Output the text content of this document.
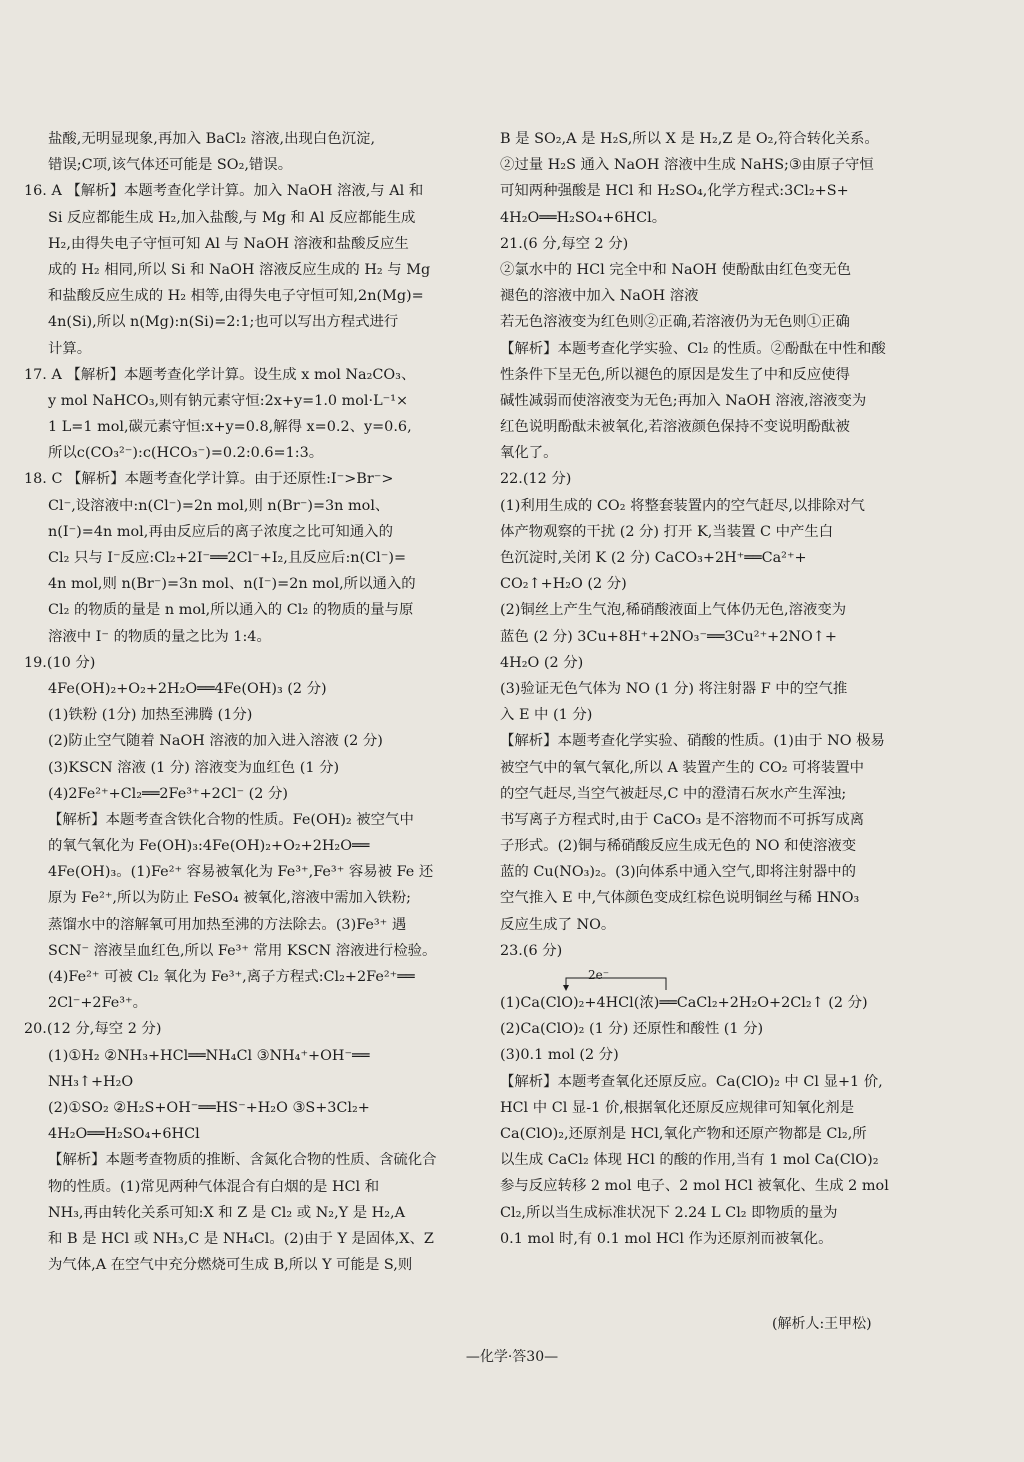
盐酸,无明显现象,再加入 BaCl₂ 溶液,出现白色沉淀,
错误;C项,该气体还可能是 SO₂,错误。
16. A 【解析】本题考查化学计算。加入 NaOH 溶液,与 Al 和
Si 反应都能生成 H₂,加入盐酸,与 Mg 和 Al 反应都能生成
H₂,由得失电子守恒可知 Al 与 NaOH 溶液和盐酸反应生
成的 H₂ 相同,所以 Si 和 NaOH 溶液反应生成的 H₂ 与 Mg
和盐酸反应生成的 H₂ 相等,由得失电子守恒可知,2n(Mg)=
4n(Si),所以 n(Mg):n(Si)=2:1;也可以写出方程式进行
计算。
17. A 【解析】本题考查化学计算。设生成 x mol Na₂CO₃、
y mol NaHCO₃,则有钠元素守恒:2x+y=1.0 mol·L⁻¹×
1 L=1 mol,碳元素守恒:x+y=0.8,解得 x=0.2、y=0.6,
所以c(CO₃²⁻):c(HCO₃⁻)=0.2:0.6=1:3。
18. C 【解析】本题考查化学计算。由于还原性:I⁻>Br⁻>
Cl⁻,设溶液中:n(Cl⁻)=2n mol,则 n(Br⁻)=3n mol、
n(I⁻)=4n mol,再由反应后的离子浓度之比可知通入的
Cl₂ 只与 I⁻反应:Cl₂+2I⁻══2Cl⁻+I₂,且反应后:n(Cl⁻)=
4n mol,则 n(Br⁻)=3n mol、n(I⁻)=2n mol,所以通入的
Cl₂ 的物质的量是 n mol,所以通入的 Cl₂ 的物质的量与原
溶液中 I⁻ 的物质的量之比为 1:4。
19.(10 分)
4Fe(OH)₂+O₂+2H₂O══4Fe(OH)₃ (2 分)
(1)铁粉 (1分) 加热至沸腾 (1分)
(2)防止空气随着 NaOH 溶液的加入进入溶液 (2 分)
(3)KSCN 溶液 (1 分) 溶液变为血红色 (1 分)
(4)2Fe²⁺+Cl₂══2Fe³⁺+2Cl⁻ (2 分)
【解析】本题考查含铁化合物的性质。Fe(OH)₂ 被空气中
的氧气氧化为 Fe(OH)₃:4Fe(OH)₂+O₂+2H₂O══
4Fe(OH)₃。(1)Fe²⁺ 容易被氧化为 Fe³⁺,Fe³⁺ 容易被 Fe 还
原为 Fe²⁺,所以为防止 FeSO₄ 被氧化,溶液中需加入铁粉;
蒸馏水中的溶解氧可用加热至沸的方法除去。(3)Fe³⁺ 遇
SCN⁻ 溶液呈血红色,所以 Fe³⁺ 常用 KSCN 溶液进行检验。
(4)Fe²⁺ 可被 Cl₂ 氧化为 Fe³⁺,离子方程式:Cl₂+2Fe²⁺══
2Cl⁻+2Fe³⁺。
20.(12 分,每空 2 分)
(1)①H₂ ②NH₃+HCl══NH₄Cl ③NH₄⁺+OH⁻══
NH₃↑+H₂O
(2)①SO₂ ②H₂S+OH⁻══HS⁻+H₂O ③S+3Cl₂+
4H₂O══H₂SO₄+6HCl
【解析】本题考查物质的推断、含氮化合物的性质、含硫化合
物的性质。(1)常见两种气体混合有白烟的是 HCl 和
NH₃,再由转化关系可知:X 和 Z 是 Cl₂ 或 N₂,Y 是 H₂,A
和 B 是 HCl 或 NH₃,C 是 NH₄Cl。(2)由于 Y 是固体,X、Z
为气体,A 在空气中充分燃烧可生成 B,所以 Y 可能是 S,则
B 是 SO₂,A 是 H₂S,所以 X 是 H₂,Z 是 O₂,符合转化关系。
②过量 H₂S 通入 NaOH 溶液中生成 NaHS;③由原子守恒
可知两种强酸是 HCl 和 H₂SO₄,化学方程式:3Cl₂+S+
4H₂O══H₂SO₄+6HCl。
21.(6 分,每空 2 分)
②氯水中的 HCl 完全中和 NaOH 使酚酞由红色变无色
褪色的溶液中加入 NaOH 溶液
若无色溶液变为红色则②正确,若溶液仍为无色则①正确
【解析】本题考查化学实验、Cl₂ 的性质。②酚酞在中性和酸
性条件下呈无色,所以褪色的原因是发生了中和反应使得
碱性减弱而使溶液变为无色;再加入 NaOH 溶液,溶液变为
红色说明酚酞未被氧化,若溶液颜色保持不变说明酚酞被
氧化了。
22.(12 分)
(1)利用生成的 CO₂ 将整套装置内的空气赶尽,以排除对气
体产物观察的干扰 (2 分) 打开 K,当装置 C 中产生白
色沉淀时,关闭 K (2 分) CaCO₃+2H⁺══Ca²⁺+
CO₂↑+H₂O (2 分)
(2)铜丝上产生气泡,稀硝酸液面上气体仍无色,溶液变为
蓝色 (2 分) 3Cu+8H⁺+2NO₃⁻══3Cu²⁺+2NO↑+
4H₂O (2 分)
(3)验证无色气体为 NO (1 分) 将注射器 F 中的空气推
入 E 中 (1 分)
【解析】本题考查化学实验、硝酸的性质。(1)由于 NO 极易
被空气中的氧气氧化,所以 A 装置产生的 CO₂ 可将装置中
的空气赶尽,当空气被赶尽,C 中的澄清石灰水产生浑浊;
书写离子方程式时,由于 CaCO₃ 是不溶物而不可拆写成离
子形式。(2)铜与稀硝酸反应生成无色的 NO 和使溶液变
蓝的 Cu(NO₃)₂。(3)向体系中通入空气,即将注射器中的
空气推入 E 中,气体颜色变成红棕色说明铜丝与稀 HNO₃
反应生成了 NO。
23.(6 分)
2e⁻
(1)Ca(ClO)₂+4HCl(浓)══CaCl₂+2H₂O+2Cl₂↑ (2 分)
(2)Ca(ClO)₂ (1 分) 还原性和酸性 (1 分)
(3)0.1 mol (2 分)
【解析】本题考查氧化还原反应。Ca(ClO)₂ 中 Cl 显+1 价,
HCl 中 Cl 显-1 价,根据氧化还原反应规律可知氧化剂是
Ca(ClO)₂,还原剂是 HCl,氧化产物和还原产物都是 Cl₂,所
以生成 CaCl₂ 体现 HCl 的酸的作用,当有 1 mol Ca(ClO)₂
参与反应转移 2 mol 电子、2 mol HCl 被氧化、生成 2 mol
Cl₂,所以当生成标准状况下 2.24 L Cl₂ 即物质的量为
0.1 mol 时,有 0.1 mol HCl 作为还原剂而被氧化。
(解析人:王甲松)
—化学·答30—
